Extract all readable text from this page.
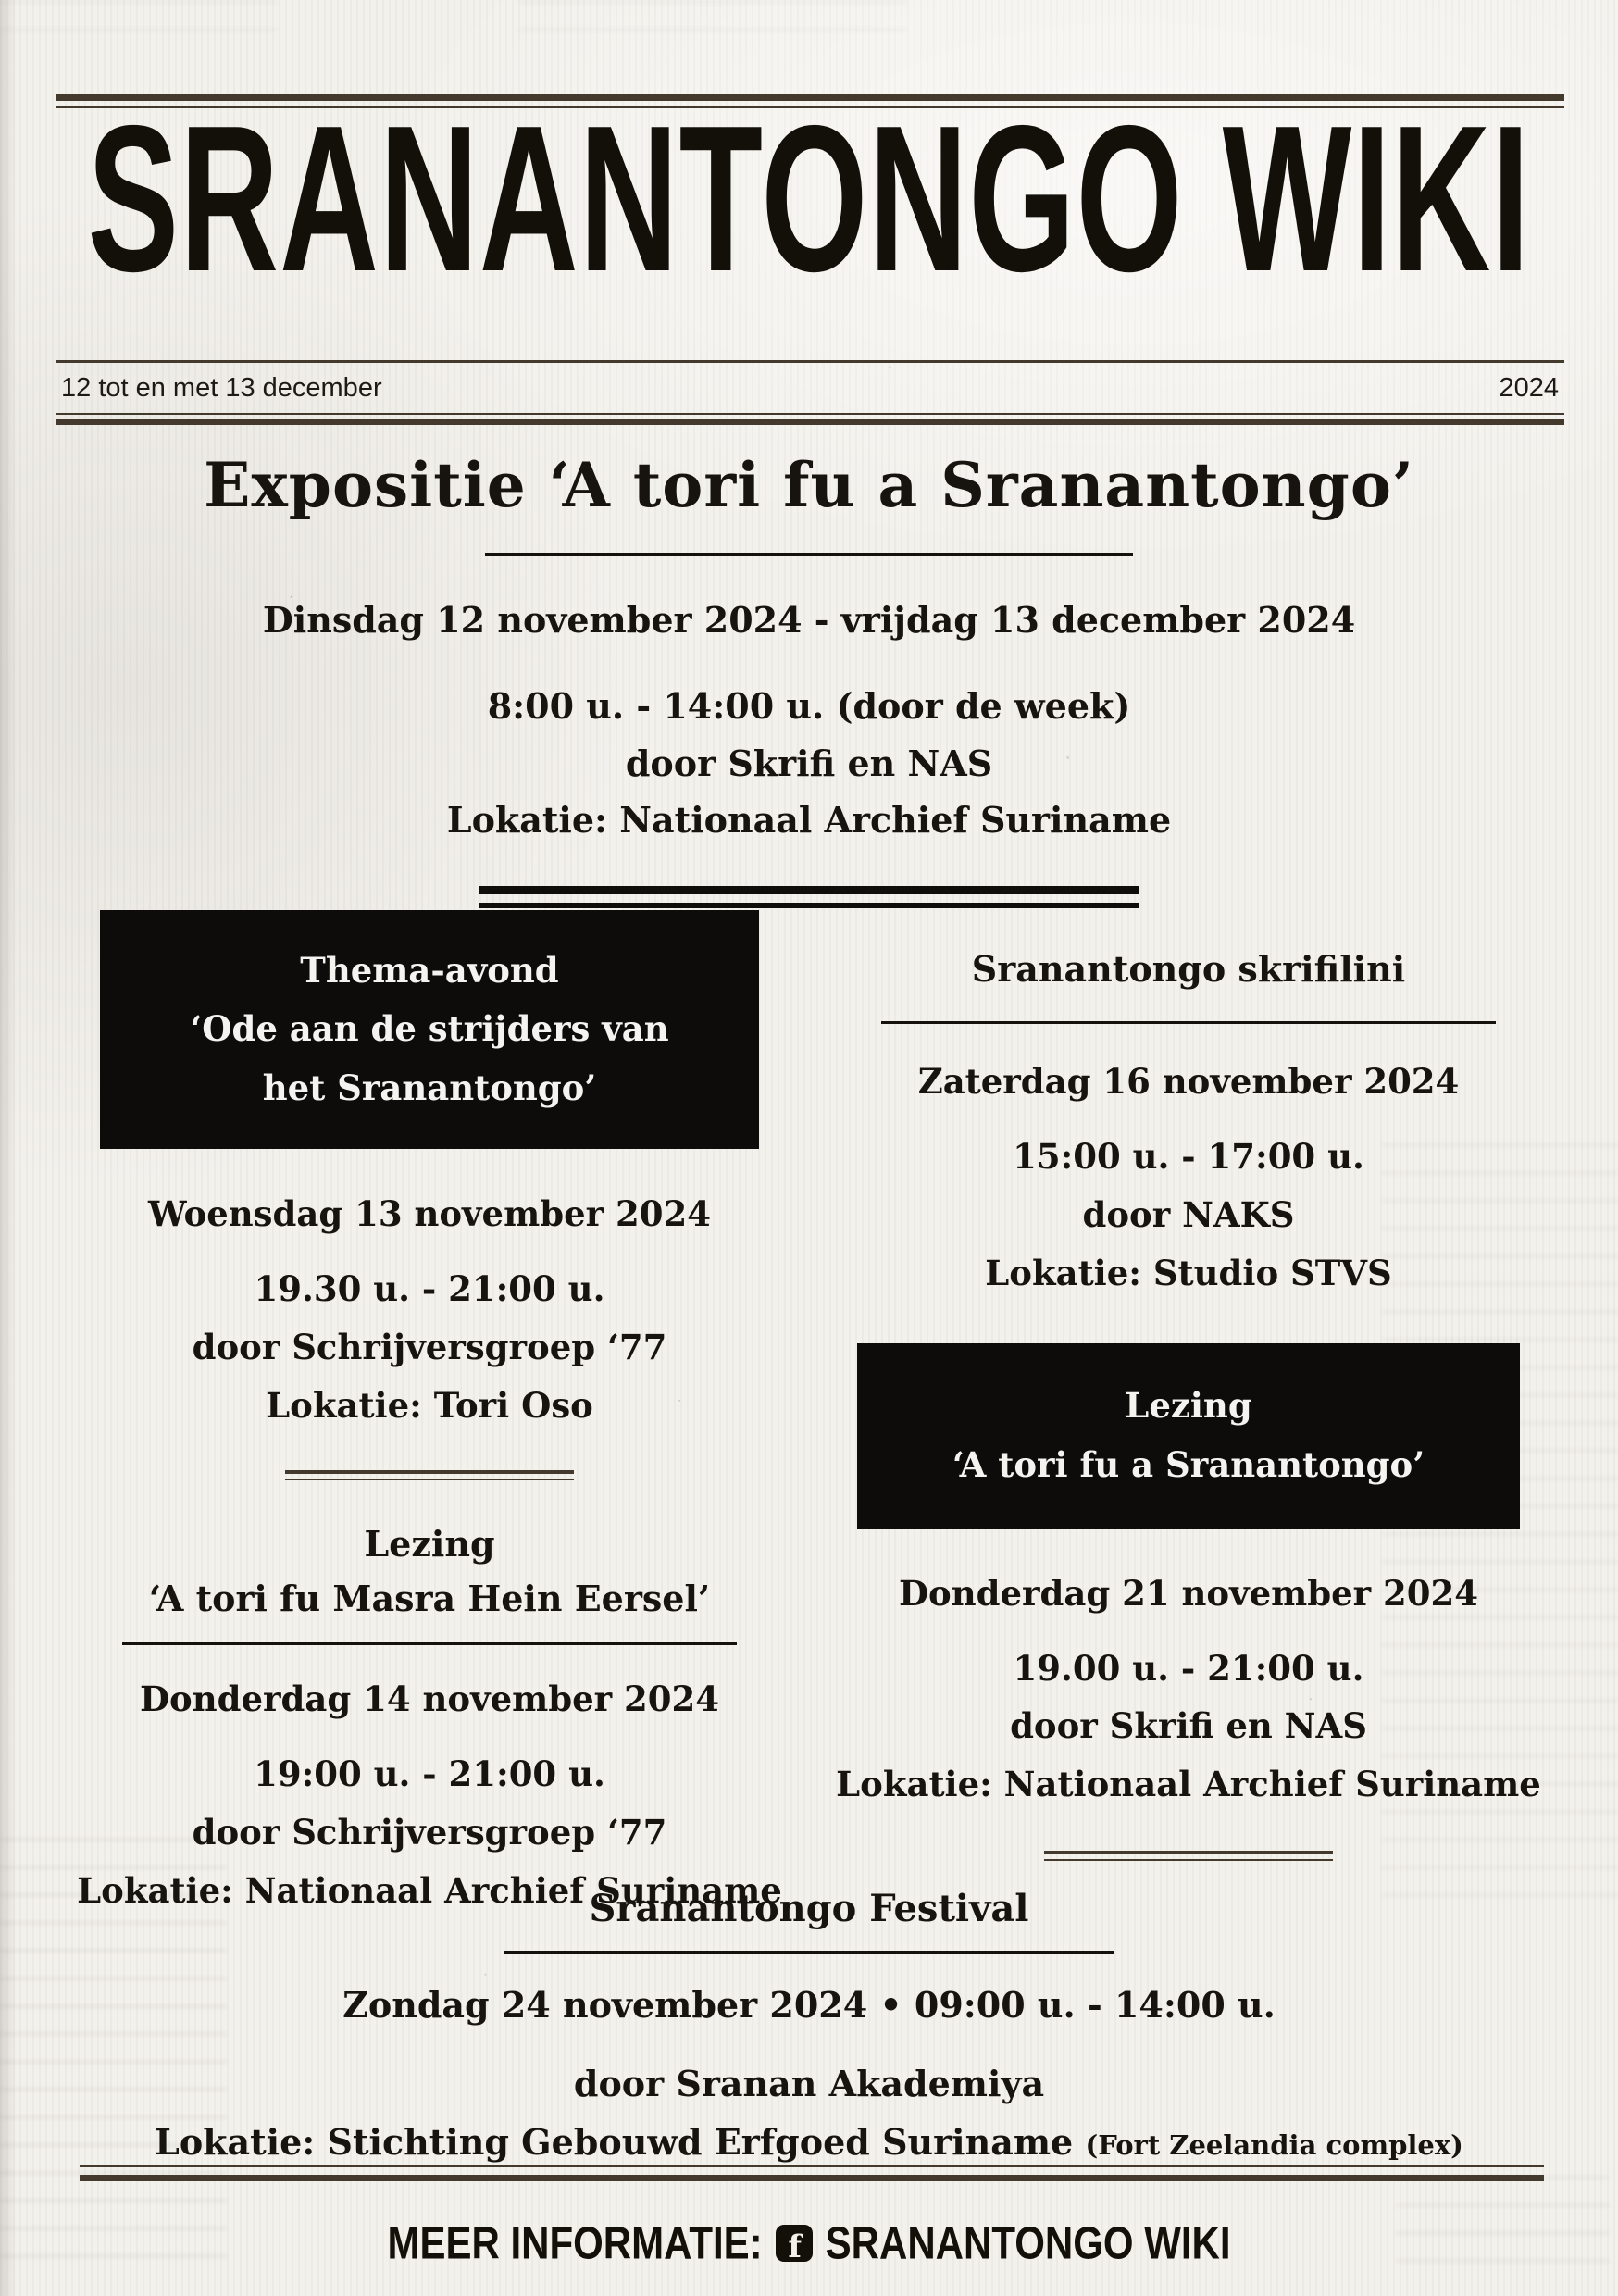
SRANANTONGO WIKI
12 tot en met 13 december	2024
Expositie ‘A tori fu a Sranantongo’
Dinsdag 12 november 2024 - vrijdag 13 december 2024
8:00 u. - 14:00 u. (door de week)
door Skrifi en NAS
Lokatie: Nationaal Archief Suriname
Thema-avond
‘Ode aan de strijders van
het Sranantongo’
Woensdag 13 november 2024
19.30 u. - 21:00 u.
door Schrijversgroep ‘77
Lokatie: Tori Oso
Lezing
‘A tori fu Masra Hein Eersel’
Donderdag 14 november 2024
19:00 u. - 21:00 u.
door Schrijversgroep ‘77
Lokatie: Nationaal Archief Suriname
Sranantongo skrifilini
Zaterdag 16 november 2024
15:00 u. - 17:00 u.
door NAKS
Lokatie: Studio STVS
Lezing
‘A tori fu a Sranantongo’
Donderdag 21 november 2024
19.00 u. - 21:00 u.
door Skrifi en NAS
Lokatie: Nationaal Archief Suriname
Sranantongo Festival
Zondag 24 november 2024 • 09:00 u. - 14:00 u.
door Sranan Akademiya
Lokatie: Stichting Gebouwd Erfgoed Suriname (Fort Zeelandia complex)
MEER INFORMATIE: f SRANANTONGO WIKI
